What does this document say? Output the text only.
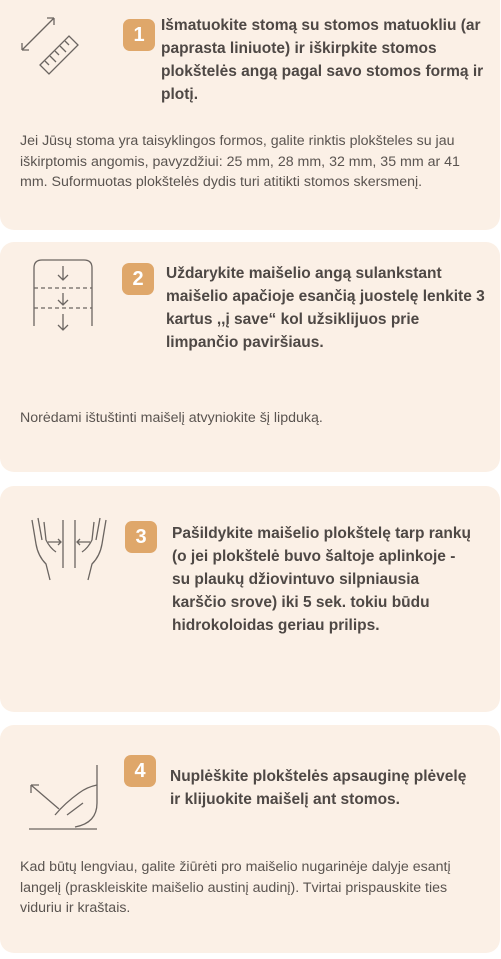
1	Išmatuokite stomą su stomos matuokliu (ar paprasta liniuote) ir iškirpkite stomos plokštelės angą pagal savo stomos formą ir plotį.

Jei Jūsų stoma yra taisyklingos formos, galite rinktis plokšteles su jau iškirptomis angomis, pavyzdžiui: 25 mm, 28 mm, 32 mm, 35 mm ar 41 mm. Suformuotas plokštelės dydis turi atitikti stomos skersmenį.

2	Uždarykite maišelio angą sulankstant maišelio apačioje esančią juostelę lenkite 3 kartus ,,į save“ kol užsiklijuos prie limpančio paviršiaus.

Norėdami ištuštinti maišelį atvyniokite šį lipduką.

3	Pašildykite maišelio plokštelę tarp rankų (o jei plokštelė buvo šaltoje aplinkoje - su plaukų džiovintuvo silpniausia karščio srove) iki 5 sek. tokiu būdu hidrokoloidas geriau prilips.

4	Nuplėškite plokštelės apsauginę plėvelę ir klijuokite maišelį ant stomos.

Kad būtų lengviau, galite žiūrėti pro maišelio nugarinėje dalyje esantį langelį (praskleiskite maišelio austinį audinį). Tvirtai prispauskite ties viduriu ir kraštais.
